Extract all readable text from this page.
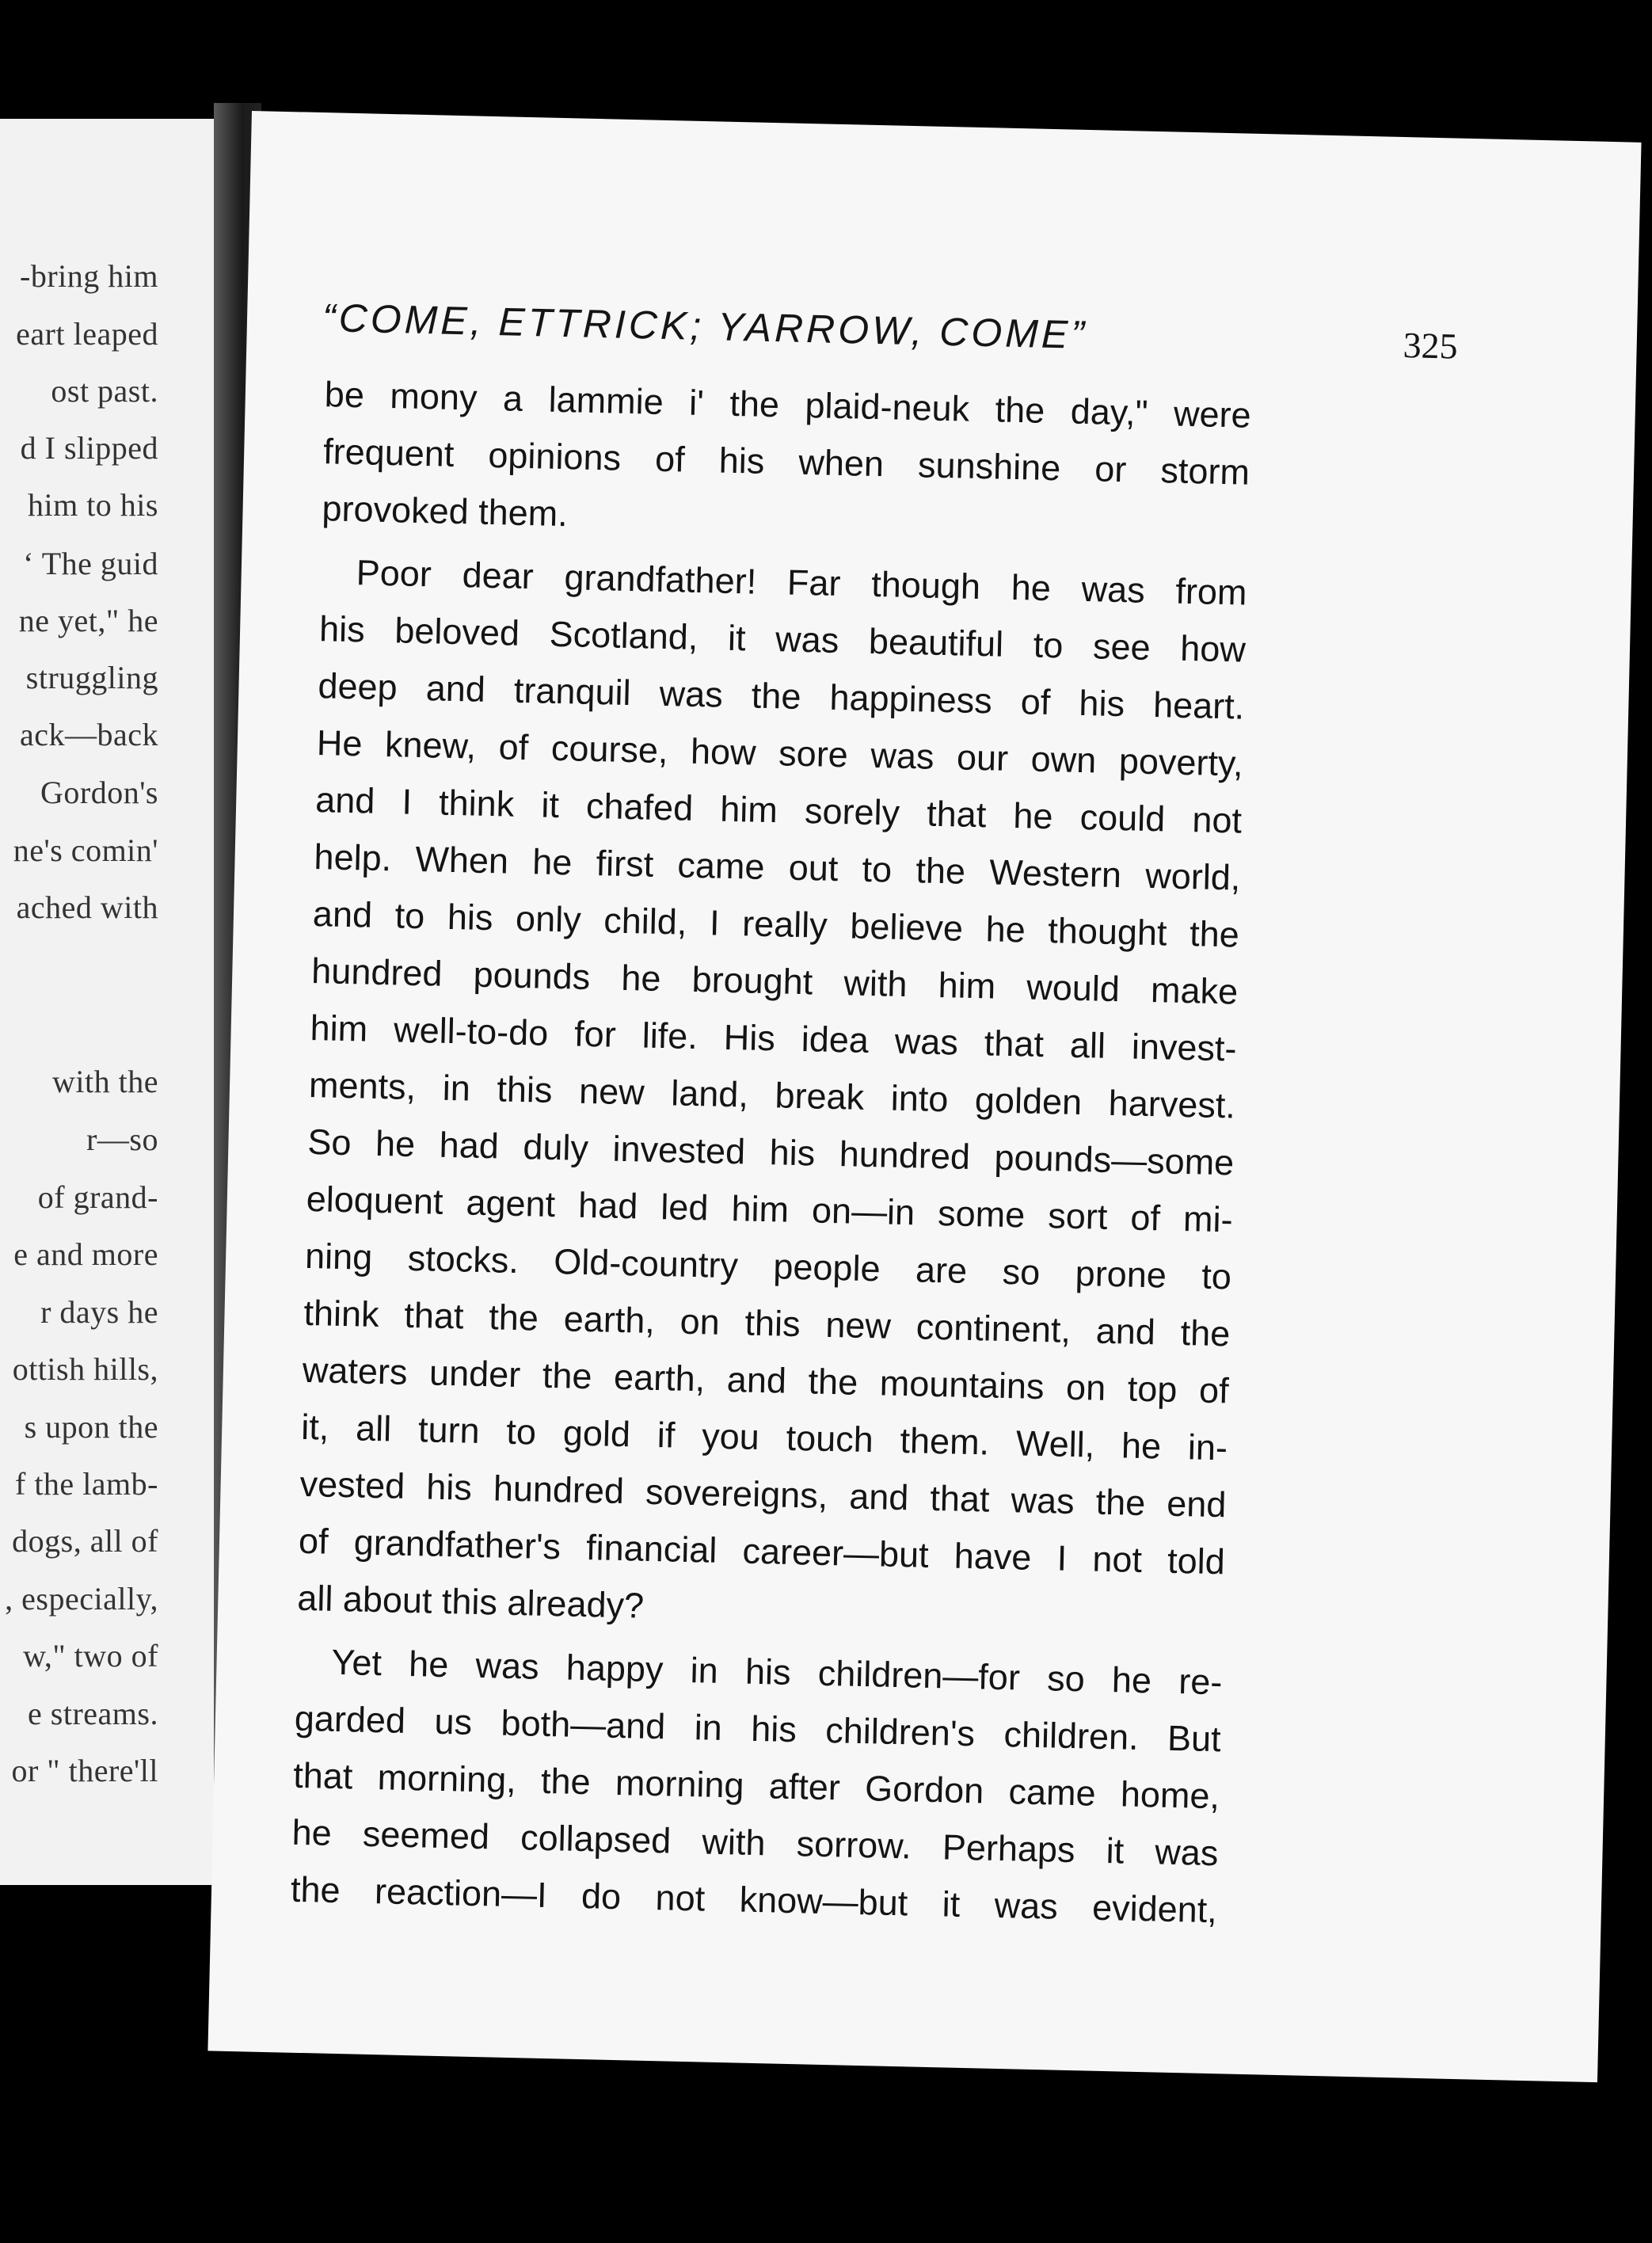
-bring him
eart leaped
ost past.
d I slipped
him to his
‘ The guid
ne yet," he
struggling
ack—back
Gordon's
ne's comin'
ached with
with the
r—so
of grand-
e and more
r days he
ottish hills,
s upon the
f the lamb-
dogs, all of
, especially,
w," two of
e streams.
or " there'll
“COME, ETTRICK; YARROW, COME”	325
be mony a lammie i' the plaid-neuk the day," were
frequent opinions of his when sunshine or storm
provoked them.
Poor dear grandfather! Far though he was from
his beloved Scotland, it was beautiful to see how
deep and tranquil was the happiness of his heart.
He knew, of course, how sore was our own poverty,
and I think it chafed him sorely that he could not
help. When he first came out to the Western world,
and to his only child, I really believe he thought the
hundred pounds he brought with him would make
him well-to-do for life. His idea was that all invest-
ments, in this new land, break into golden harvest.
So he had duly invested his hundred pounds—some
eloquent agent had led him on—in some sort of mi-
ning stocks. Old-country people are so prone to
think that the earth, on this new continent, and the
waters under the earth, and the mountains on top of
it, all turn to gold if you touch them. Well, he in-
vested his hundred sovereigns, and that was the end
of grandfather's financial career—but have I not told
all about this already?
Yet he was happy in his children—for so he re-
garded us both—and in his children's children. But
that morning, the morning after Gordon came home,
he seemed collapsed with sorrow. Perhaps it was
the reaction—I do not know—but it was evident,
